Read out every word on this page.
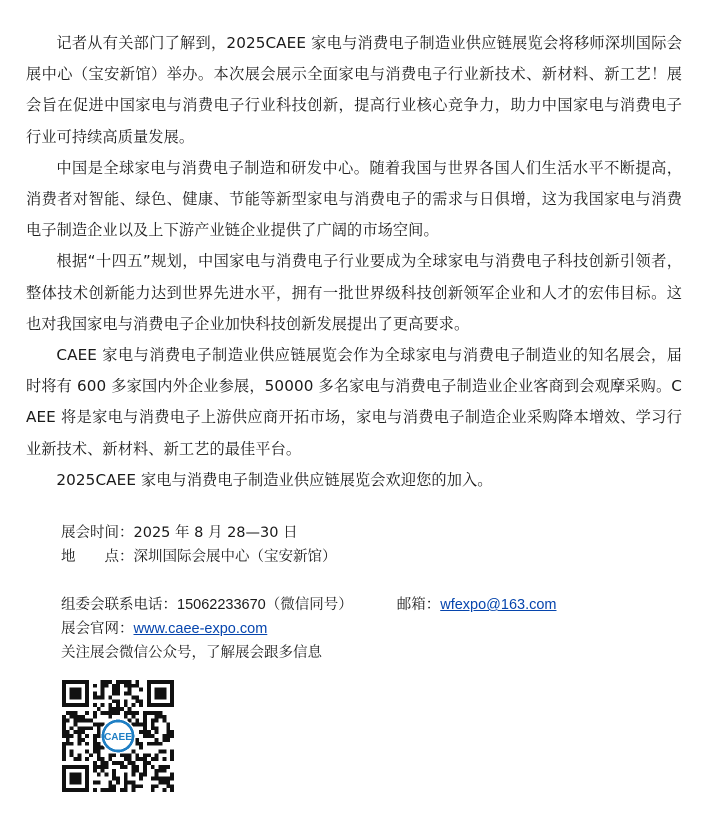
记者从有关部门了解到，2025CAEE 家电与消费电子制造业供应链展览会将移师深圳国际会展中心（宝安新馆）举办。本次展会展示全面家电与消费电子行业新技术、新材料、新工艺！展会旨在促进中国家电与消费电子行业科技创新，提高行业核心竞争力，助力中国家电与消费电子行业可持续高质量发展。

中国是全球家电与消费电子制造和研发中心。随着我国与世界各国人们生活水平不断提高，消费者对智能、绿色、健康、节能等新型家电与消费电子的需求与日俱增，这为我国家电与消费电子制造企业以及上下游产业链企业提供了广阔的市场空间。

根据“十四五”规划，中国家电与消费电子行业要成为全球家电与消费电子科技创新引领者，整体技术创新能力达到世界先进水平，拥有一批世界级科技创新领军企业和人才的宏伟目标。这也对我国家电与消费电子企业加快科技创新发展提出了更高要求。

CAEE 家电与消费电子制造业供应链展览会作为全球家电与消费电子制造业的知名展会，届时将有 600 多家国内外企业参展，50000 多名家电与消费电子制造业企业客商到会观摩采购。CAEE 将是家电与消费电子上游供应商开拓市场，家电与消费电子制造企业采购降本增效、学习行业新技术、新材料、新工艺的最佳平台。

2025CAEE 家电与消费电子制造业供应链展览会欢迎您的加入。

展会时间：2025 年 8 月 28—30 日

地　　点：深圳国际会展中心（宝安新馆）

组委会联系电话：15062233670（微信同号）	邮箱：wfexpo@163.com

展会官网：www.caee-expo.com

关注展会微信公众号，了解展会跟多信息

CAEE
